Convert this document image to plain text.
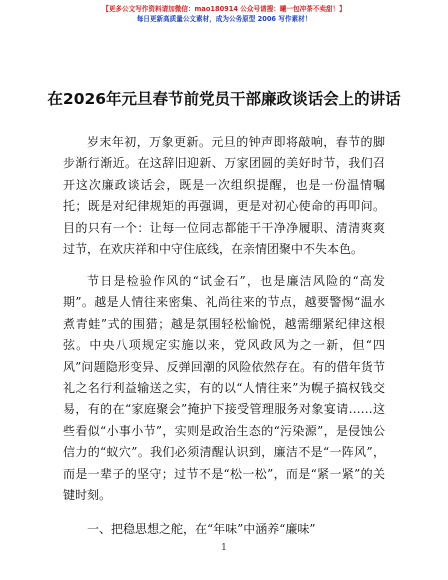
【更多公文写作资料请加微信：mao180914 公众号请搜：曦一包冲茶不卖甜！】
每日更新高质量公文素材，成为公务原型 2006 写作素材！
在2026年元旦春节前党员干部廉政谈话会上的讲话

岁末年初，万象更新。元旦的钟声即将敲响，春节的脚步渐行渐近。在这辞旧迎新、万家团圆的美好时节，我们召开这次廉政谈话会，既是一次组织提醒，也是一份温情嘱托；既是对纪律规矩的再强调，更是对初心使命的再叩问。目的只有一个：让每一位同志都能干干净净履职、清清爽爽过节，在欢庆祥和中守住底线，在亲情团聚中不失本色。

节日是检验作风的“试金石”，也是廉洁风险的“高发期”。越是人情往来密集、礼尚往来的节点，越要警惕“温水煮青蛙”式的围猎；越是氛围轻松愉悦，越需绷紧纪律这根弦。中央八项规定实施以来，党风政风为之一新，但“四风”问题隐形变异、反弹回潮的风险依然存在。有的借年货节礼之名行利益输送之实，有的以“人情往来”为幌子搞权钱交易，有的在“家庭聚会”掩护下接受管理服务对象宴请……这些看似“小事小节”，实则是政治生态的“污染源”，是侵蚀公信力的“蚁穴”。我们必须清醒认识到，廉洁不是“一阵风”，而是一辈子的坚守；过节不是“松一松”，而是“紧一紧”的关键时刻。

一、把稳思想之舵，在“年味”中涵养“廉味”

1
